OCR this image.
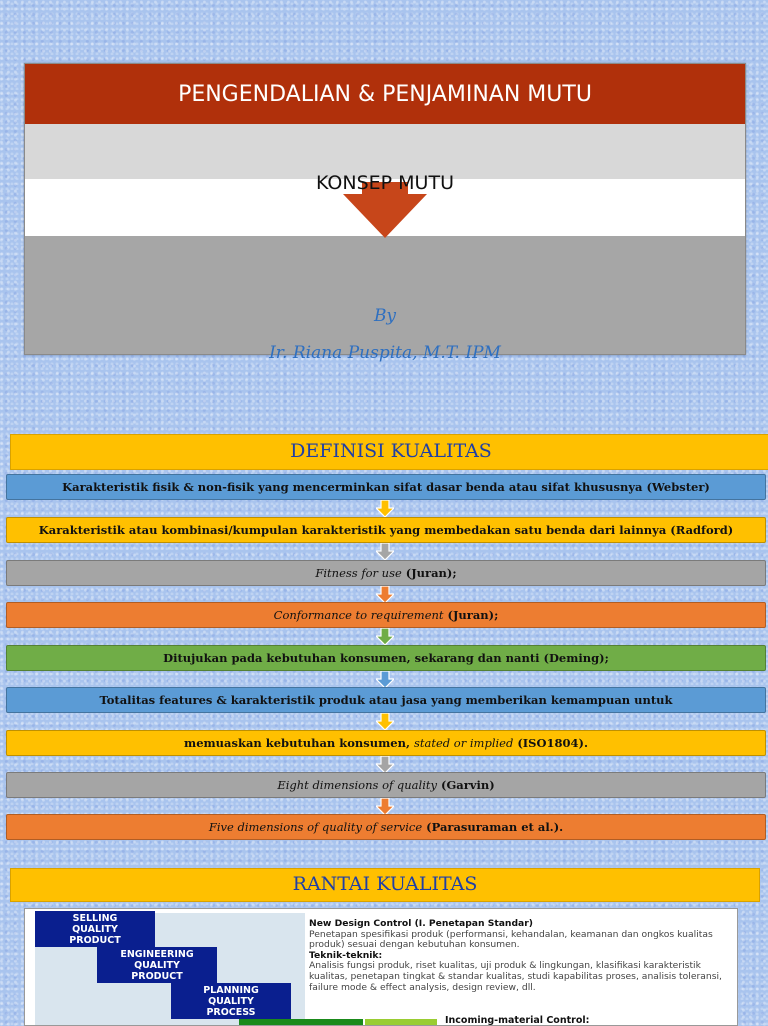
PENGENDALIAN & PENJAMINAN MUTU
KONSEP MUTU
By
Ir. Riana Puspita, M.T. IPM
DEFINISI KUALITAS
Karakteristik fisik & non-fisik yang mencerminkan sifat dasar benda atau sifat khususnya (Webster)
Karakteristik atau kombinasi/kumpulan karakteristik yang membedakan satu benda dari lainnya (Radford)
Fitness for use (Juran);
Conformance to requirement (Juran);
Ditujukan pada kebutuhan konsumen, sekarang dan nanti (Deming);
Totalitas features & karakteristik produk atau jasa yang memberikan kemampuan untuk
memuaskan kebutuhan konsumen, stated or implied (ISO1804).
Eight dimensions of quality (Garvin)
Five dimensions of quality of service (Parasuraman et al.).
RANTAI KUALITAS
SELLING
QUALITY
PRODUCT
ENGINEERING
QUALITY
PRODUCT
PLANNING
QUALITY
PROCESS
New Design Control (I. Penetapan Standar)
Penetapan spesifikasi produk (performansi, kehandalan, keamanan dan ongkos kualitas produk) sesuai dengan kebutuhan konsumen.
Teknik-teknik:
Analisis fungsi produk, riset kualitas, uji produk & lingkungan, klasifikasi karakteristik kualitas, penetapan tingkat & standar kualitas, studi kapabilitas proses, analisis toleransi, failure mode & effect analysis, design review, dll.
Incoming-material Control:
